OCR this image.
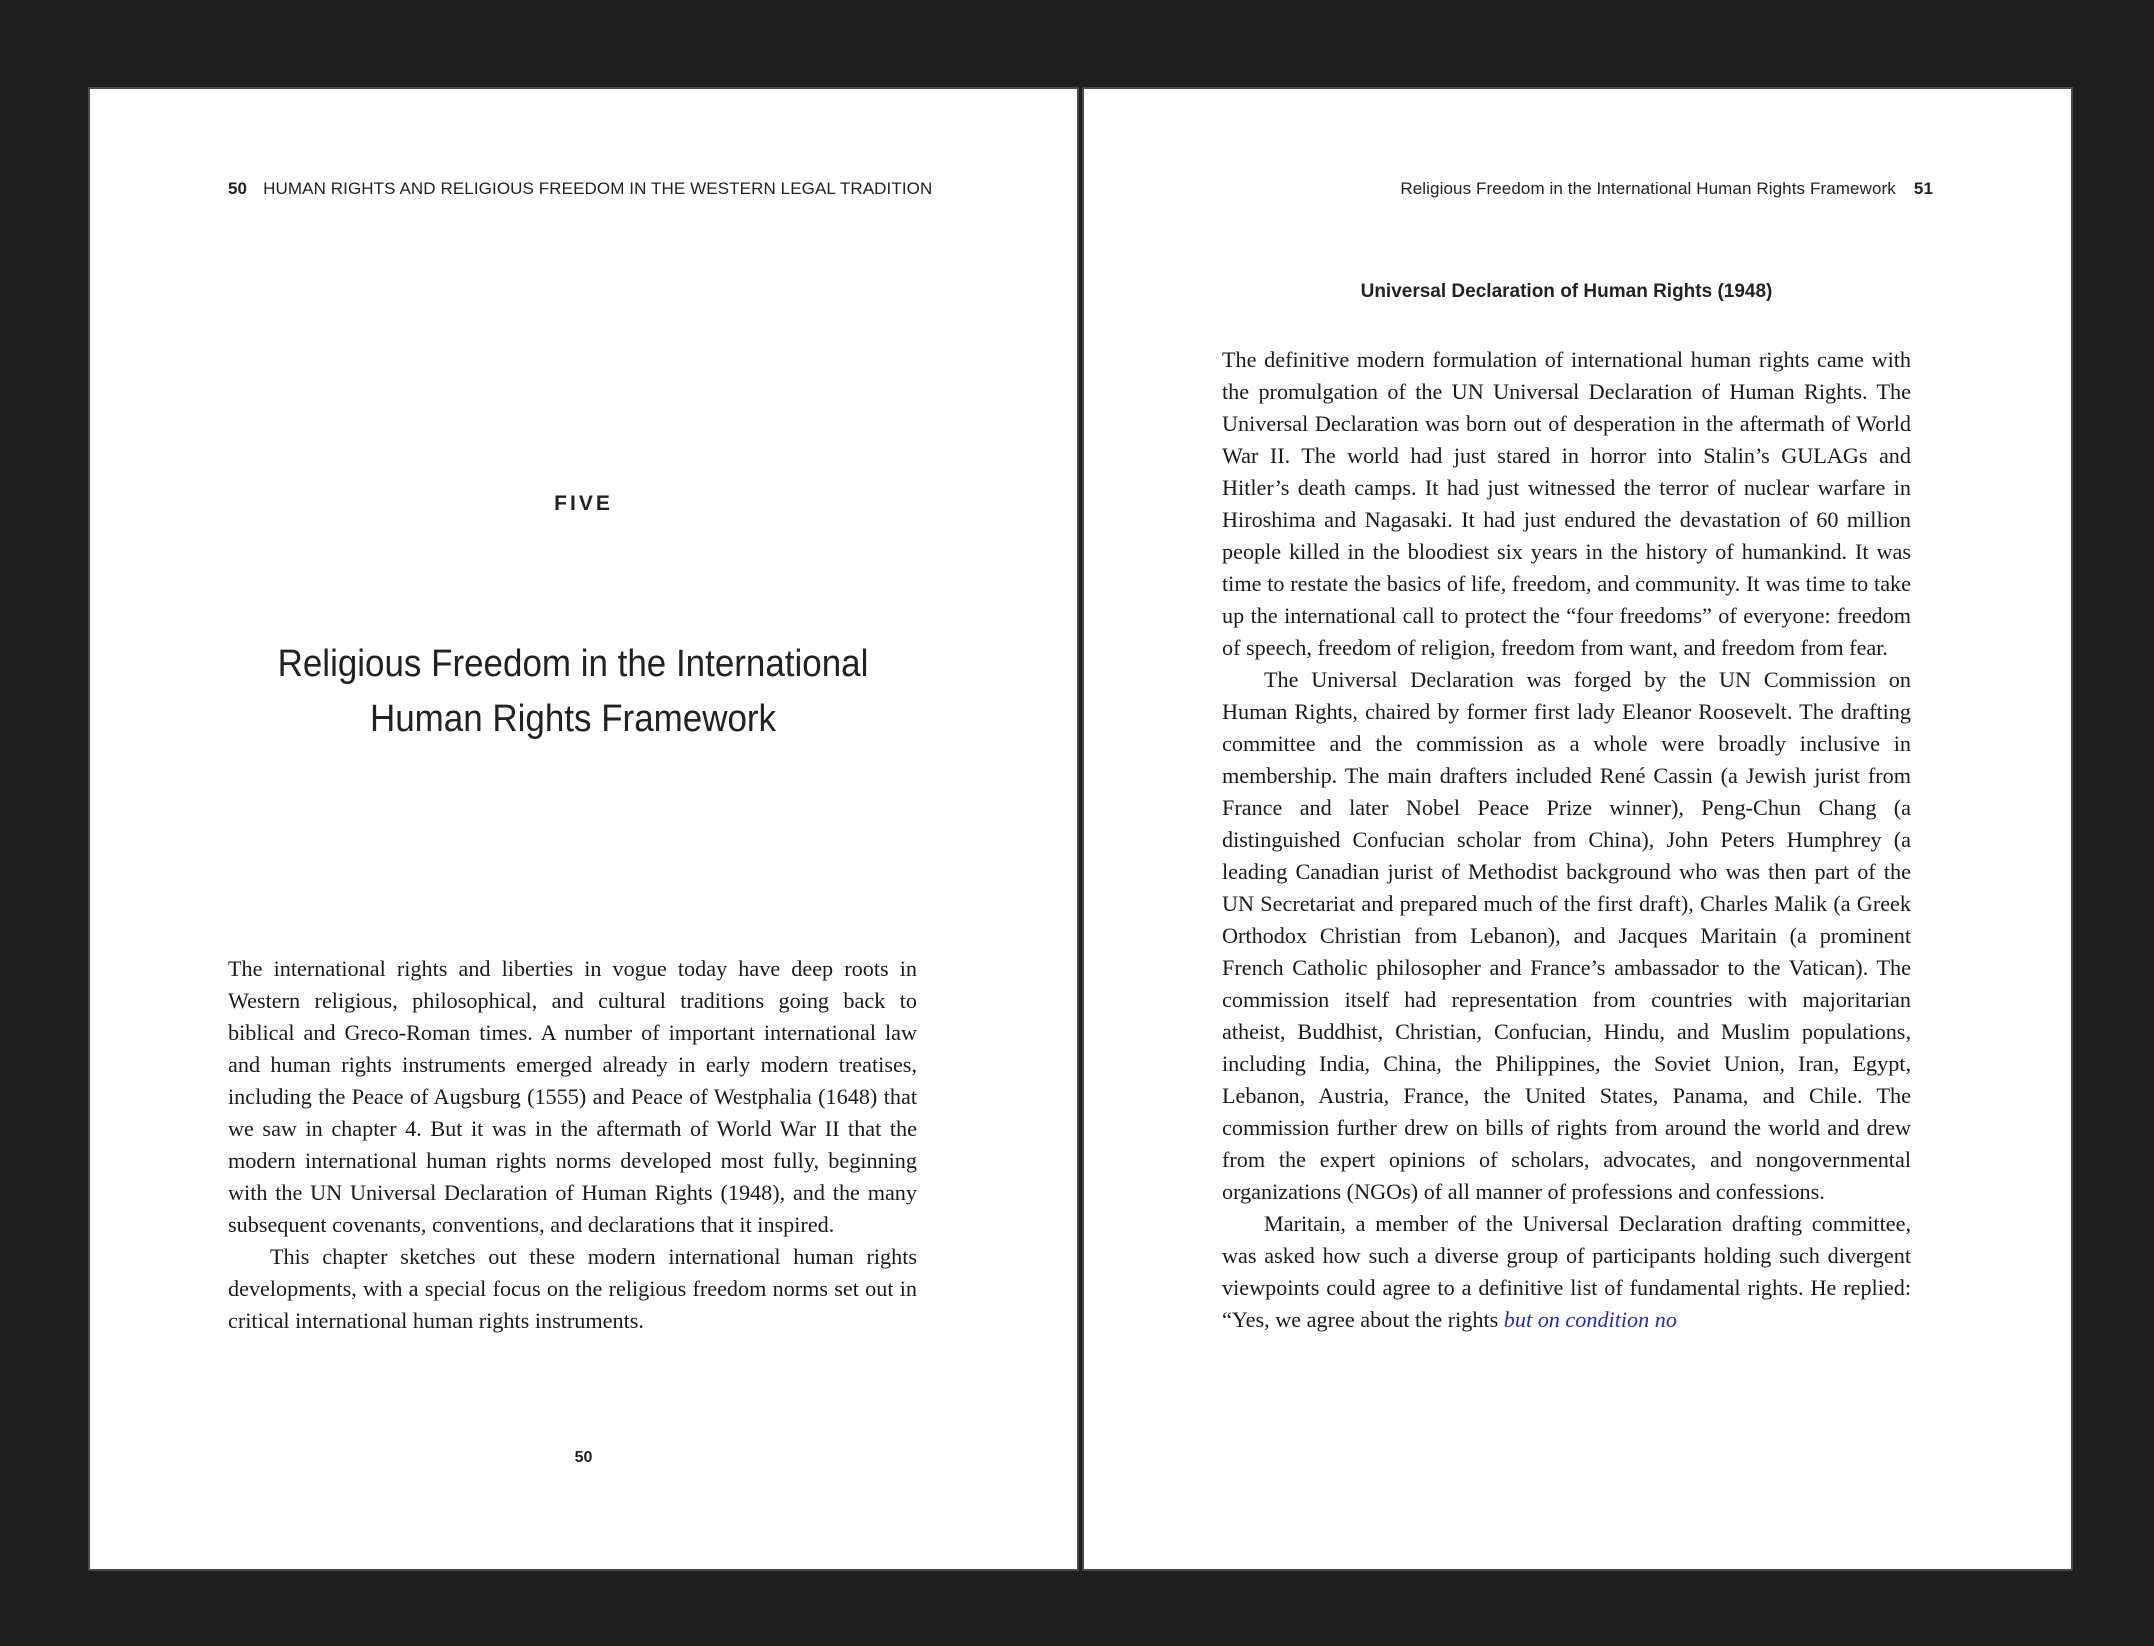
50 HUMAN RIGHTS AND RELIGIOUS FREEDOM IN THE WESTERN LEGAL TRADITION
FIVE
Religious Freedom in the International
Human Rights Framework

The international rights and liberties in vogue today have deep roots in Western religious, philosophical, and cultural traditions going back to biblical and Greco-Roman times. A number of important international law and human rights instruments emerged already in early modern treatises, including the Peace of Augsburg (1555) and Peace of Westphalia (1648) that we saw in chapter 4. But it was in the aftermath of World War II that the modern international human rights norms developed most fully, beginning with the UN Universal Declaration of Human Rights (1948), and the many subsequent covenants, conventions, and declarations that it inspired.

This chapter sketches out these modern international human rights developments, with a special focus on the religious freedom norms set out in critical international human rights instruments.

50
Religious Freedom in the International Human Rights Framework 51
Universal Declaration of Human Rights (1948)

The definitive modern formulation of international human rights came with the promulgation of the UN Universal Declaration of Human Rights. The Universal Declaration was born out of desperation in the aftermath of World War II. The world had just stared in horror into Stalin’s GULAGs and Hitler’s death camps. It had just witnessed the terror of nuclear warfare in Hiroshima and Nagasaki. It had just endured the devastation of 60 million people killed in the bloodiest six years in the history of humankind. It was time to restate the basics of life, freedom, and community. It was time to take up the international call to protect the “four freedoms” of everyone: freedom of speech, freedom of religion, freedom from want, and freedom from fear.

The Universal Declaration was forged by the UN Commission on Human Rights, chaired by former first lady Eleanor Roosevelt. The drafting committee and the commission as a whole were broadly inclusive in membership. The main drafters included René Cassin (a Jewish jurist from France and later Nobel Peace Prize winner), Peng-Chun Chang (a distinguished Confucian scholar from China), John Peters Humphrey (a leading Canadian jurist of Methodist background who was then part of the UN Secretariat and prepared much of the first draft), Charles Malik (a Greek Orthodox Christian from Lebanon), and Jacques Maritain (a prominent French Catholic philosopher and France’s ambassador to the Vatican). The commission itself had representation from countries with majoritarian atheist, Buddhist, Christian, Confucian, Hindu, and Muslim populations, including India, China, the Philippines, the Soviet Union, Iran, Egypt, Lebanon, Austria, France, the United States, Panama, and Chile. The commission further drew on bills of rights from around the world and drew from the expert opinions of scholars, advocates, and nongovernmental organizations (NGOs) of all manner of professions and confessions.

Maritain, a member of the Universal Declaration drafting committee, was asked how such a diverse group of participants holding such divergent viewpoints could agree to a definitive list of fundamental rights. He replied: “Yes, we agree about the rights but on condition no
